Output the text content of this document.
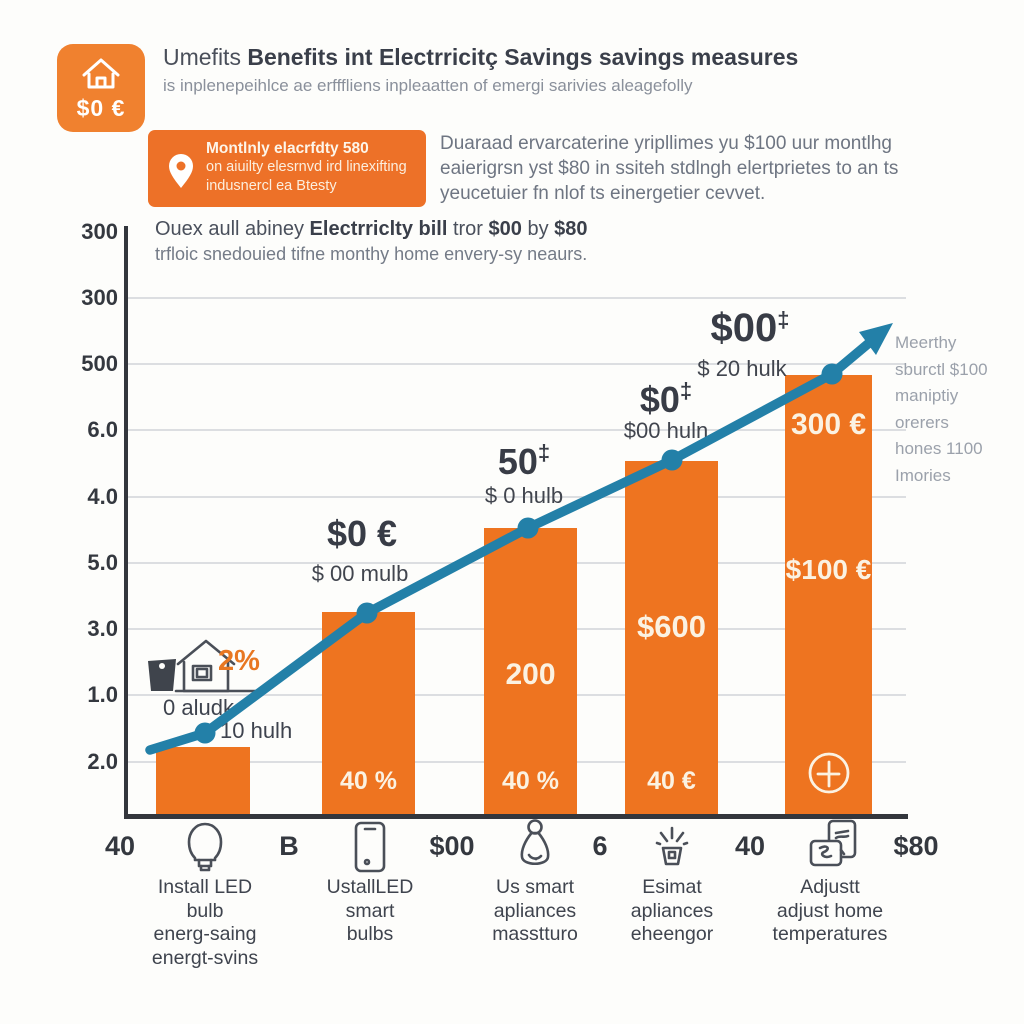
$0 €
Umefits Benefits int Electrricitç Savings savings measures
is inplenepeihlce ae erfffliens inpleaatten of emergi sarivies aleagefolly
Montlnly elacrfdty 580
on aiuilty elesrnvd ird linexifting
indusnercl ea Btesty
Duaraad ervarcaterine yripllimes yu $100 uur montlhg
eaierigrsn yst $80 in ssiteh stdlngh elertprietes to an ts
yeucetuier fn nlof ts einergetier cevvet.
Ouex aull abiney Electrriclty bill tror $00 by $80
trfloic snedouied tifne monthy home envery-sy neaurs.
300
300
500
6.0
4.0
5.0
3.0
1.0
2.0
40 %
200
40 %
$600
40 €
300 €
$100 €
2%
0 aludk
10 hulh
$0 €
$ 00 mulb
50‡
$ 0 hulb
$0‡
$00 huln
$00‡
$ 20 hulk
Meerthy
sburctl $100
maniptiy
orerers
hones 1100
Imories
40	B	$00	6	40	$80
Install LED
bulb
energ-saing
energt-svins
UstallLED
smart
bulbs
Us smart
apliances
masstturo
Esimat
apliances
eheengor
Adjustt
adjust home
temperatures
